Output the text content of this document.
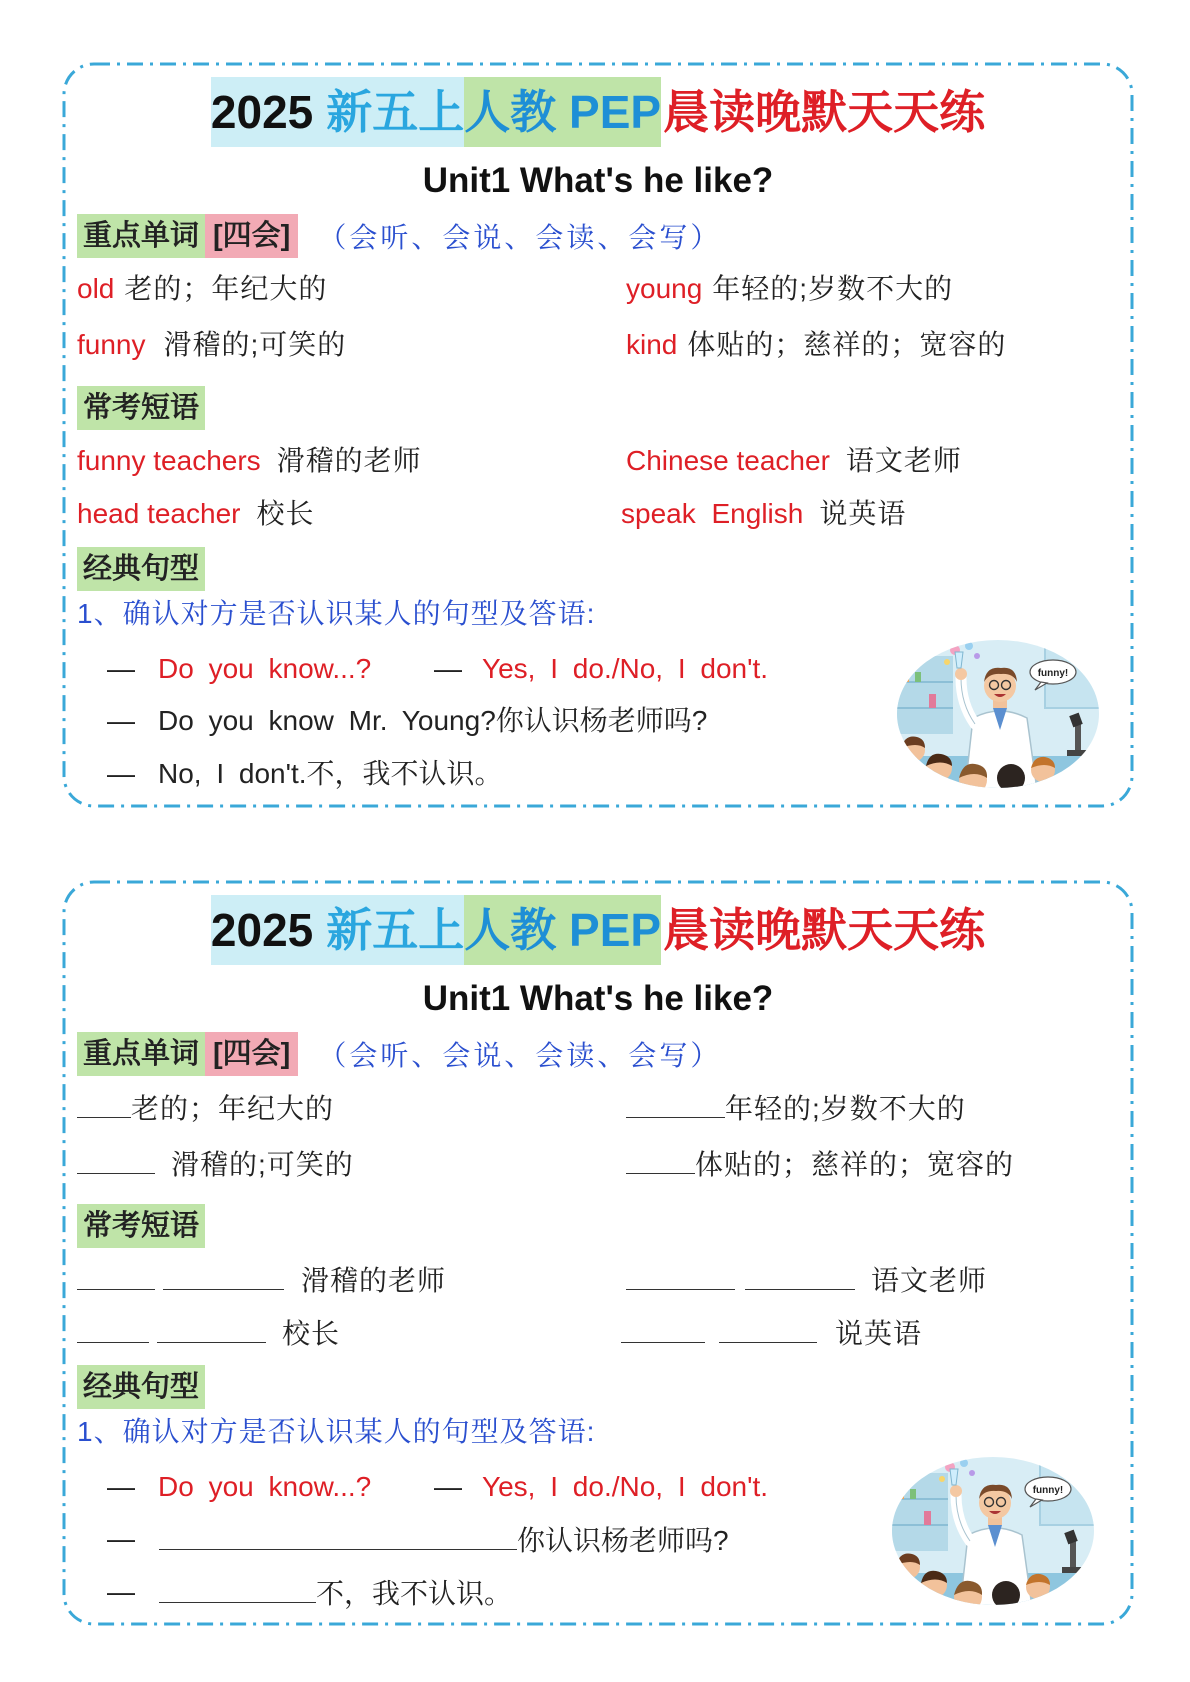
2025 新五上人教 PEP晨读晚默天天练
Unit1 What's he like?
重点单词 [四会] （会听、会说、会读、会写）
old 老的；年纪大的	young 年轻的;岁数不大的
funny 滑稽的;可笑的	kind 体贴的；慈祥的；宽容的
常考短语
funny teachers 滑稽的老师	Chinese teacher 语文老师
head teacher 校长	speak English 说英语
经典句型
1、确认对方是否认识某人的句型及答语:
— Do you know...? — Yes, I do./No, I don't.
— Do you know Mr. Young?你认识杨老师吗?
— No, I don't.不，我不认识。
funny!
2025 新五上人教 PEP晨读晚默天天练
Unit1 What's he like?
重点单词 [四会] （会听、会说、会读、会写）
老的；年纪大的	年轻的;岁数不大的
滑稽的;可笑的	体贴的；慈祥的；宽容的
常考短语
滑稽的老师	语文老师
校长	说英语
经典句型
1、确认对方是否认识某人的句型及答语:
— Do you know...? — Yes, I do./No, I don't.
—	你认识杨老师吗?
—	不，我不认识。
funny!
